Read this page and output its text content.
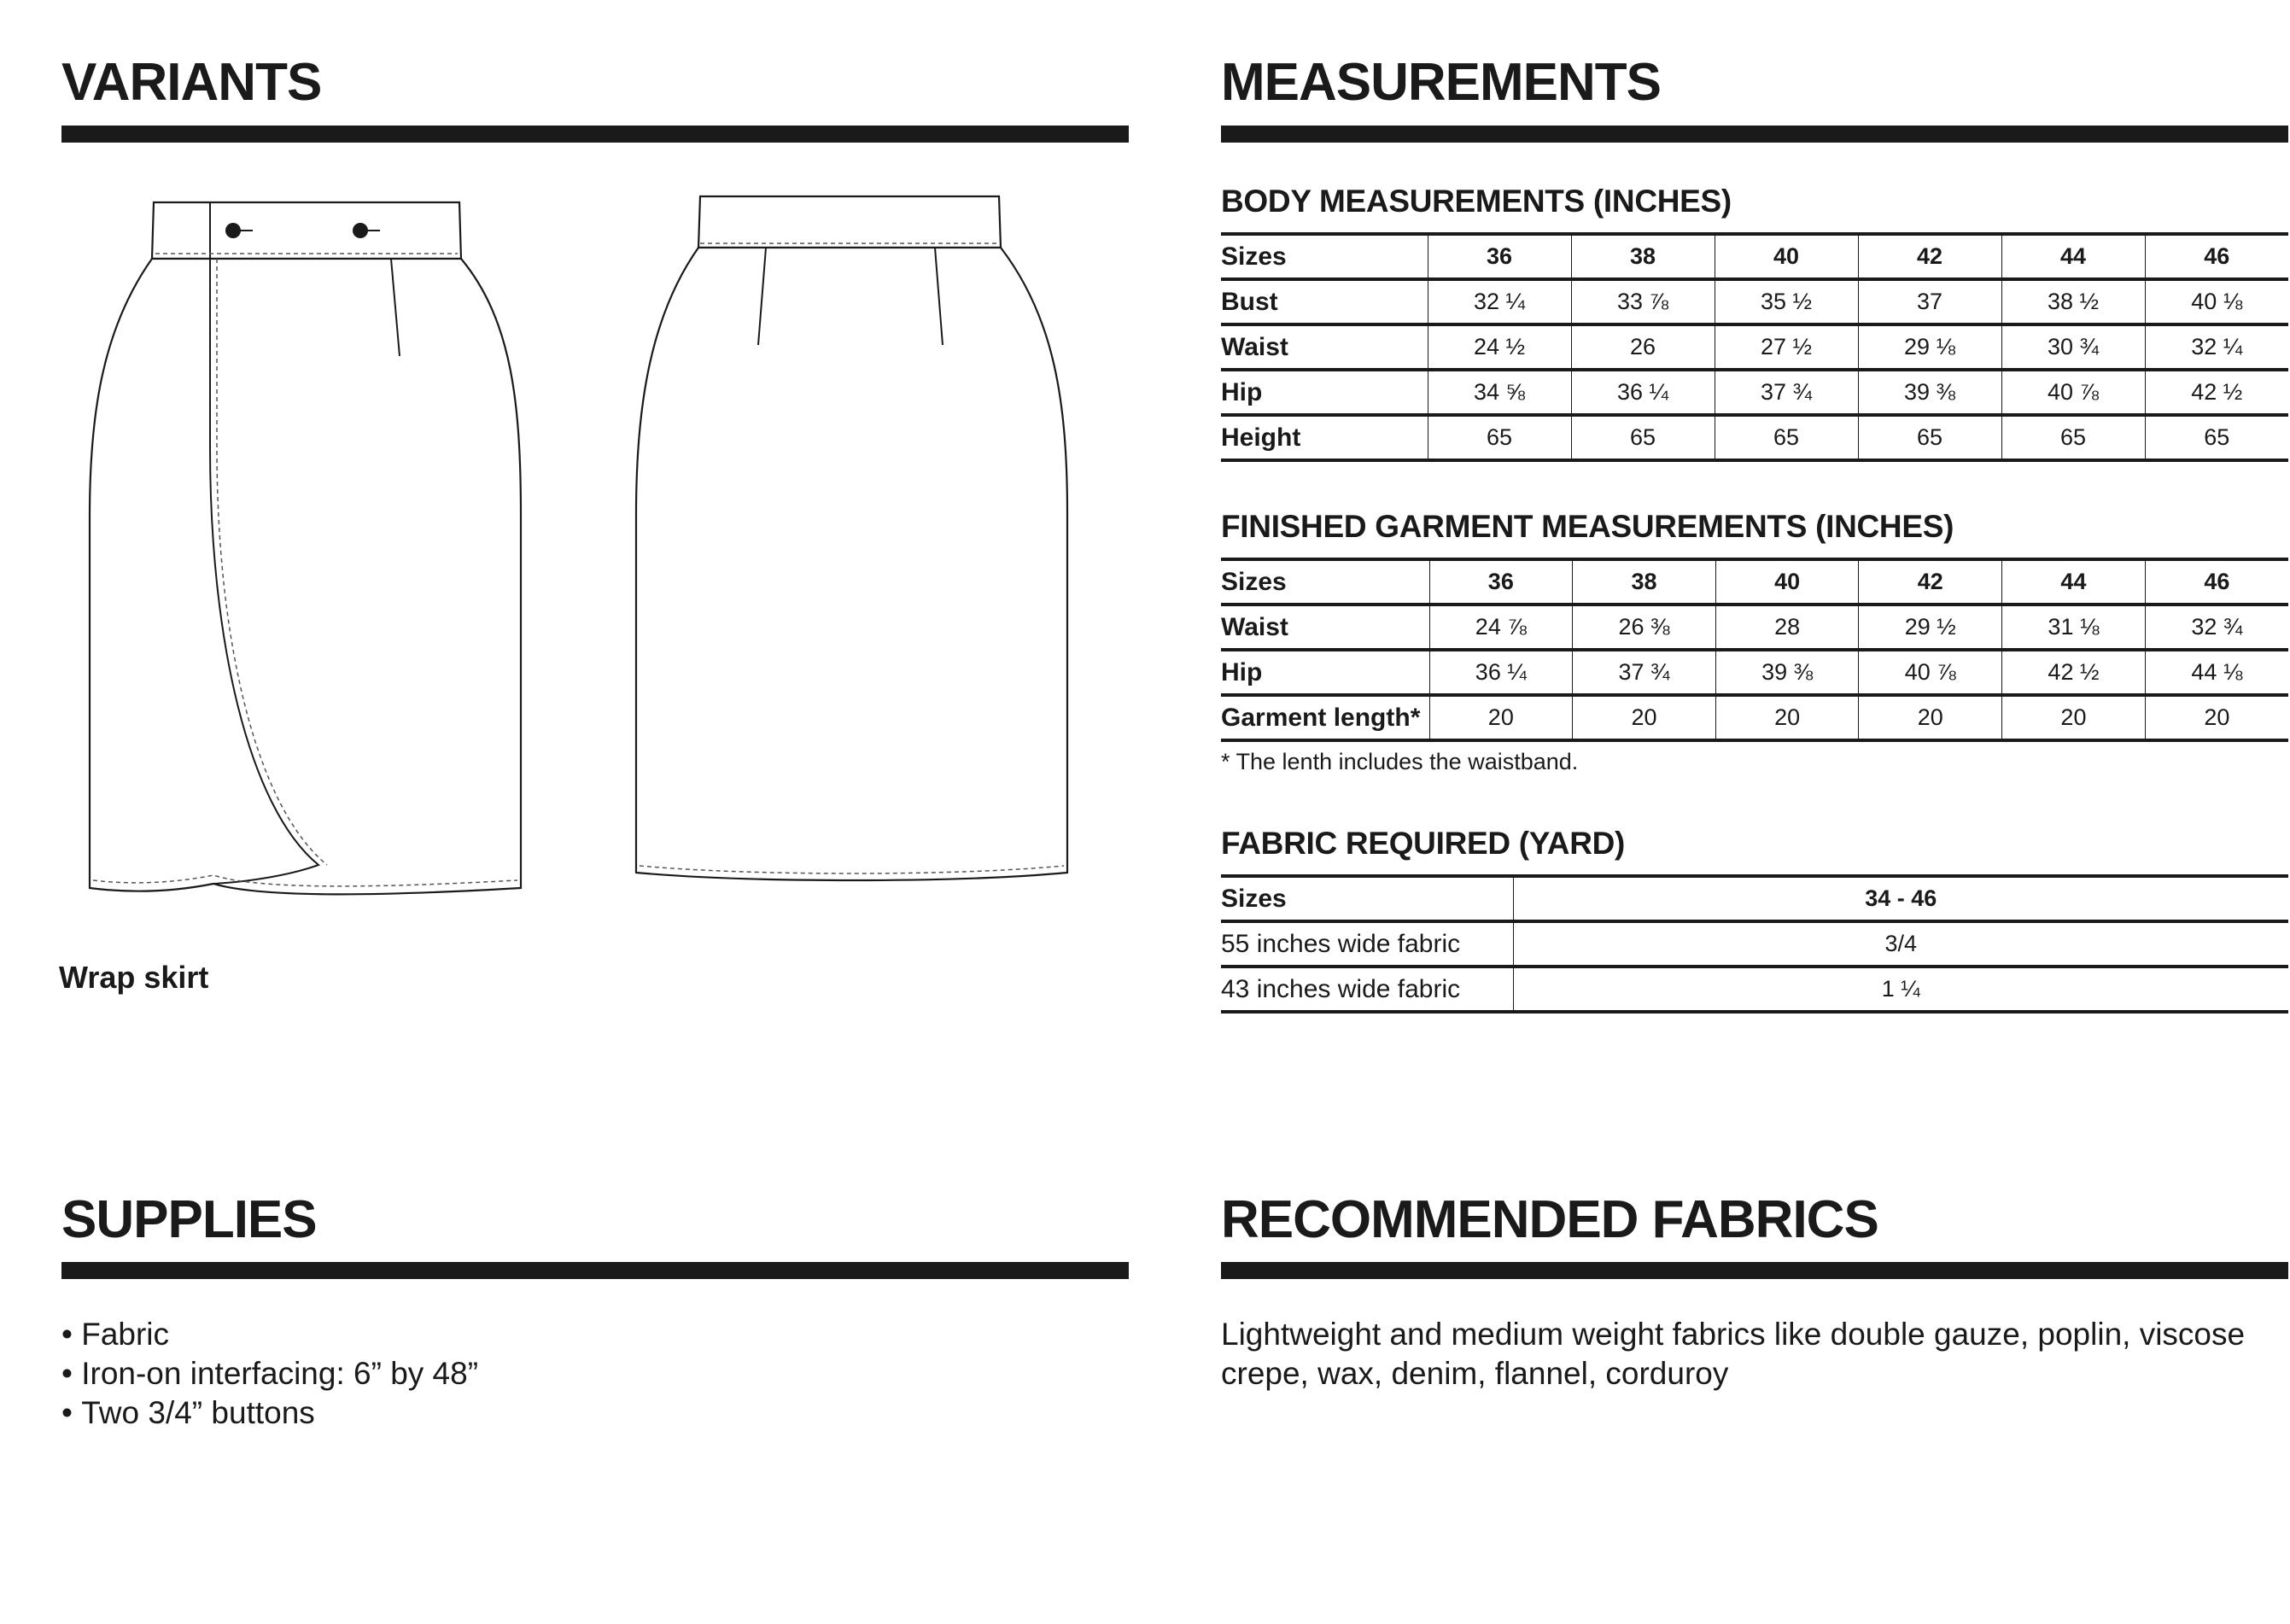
VARIANTS
Wrap skirt
MEASUREMENTS
BODY MEASUREMENTS (INCHES)
Sizes	36	38	40	42	44	46
Bust	32 ¼	33 ⅞	35 ½	37	38 ½	40 ⅛
Waist	24 ½	26	27 ½	29 ⅛	30 ¾	32 ¼
Hip	34 ⅝	36 ¼	37 ¾	39 ⅜	40 ⅞	42 ½
Height	65	65	65	65	65	65
FINISHED GARMENT MEASUREMENTS (INCHES)
Sizes	36	38	40	42	44	46
Waist	24 ⅞	26 ⅜	28	29 ½	31 ⅛	32 ¾
Hip	36 ¼	37 ¾	39 ⅜	40 ⅞	42 ½	44 ⅛
Garment length*	20	20	20	20	20	20
* The lenth includes the waistband.
FABRIC REQUIRED (YARD)
Sizes	34 - 46
55 inches wide fabric	3/4
43 inches wide fabric	1 ¼
SUPPLIES
• Fabric
• Iron-on interfacing: 6” by 48”
• Two 3/4” buttons
RECOMMENDED FABRICS

Lightweight and medium weight fabrics like double gauze, poplin, viscose crepe, wax, denim, flannel, corduroy
